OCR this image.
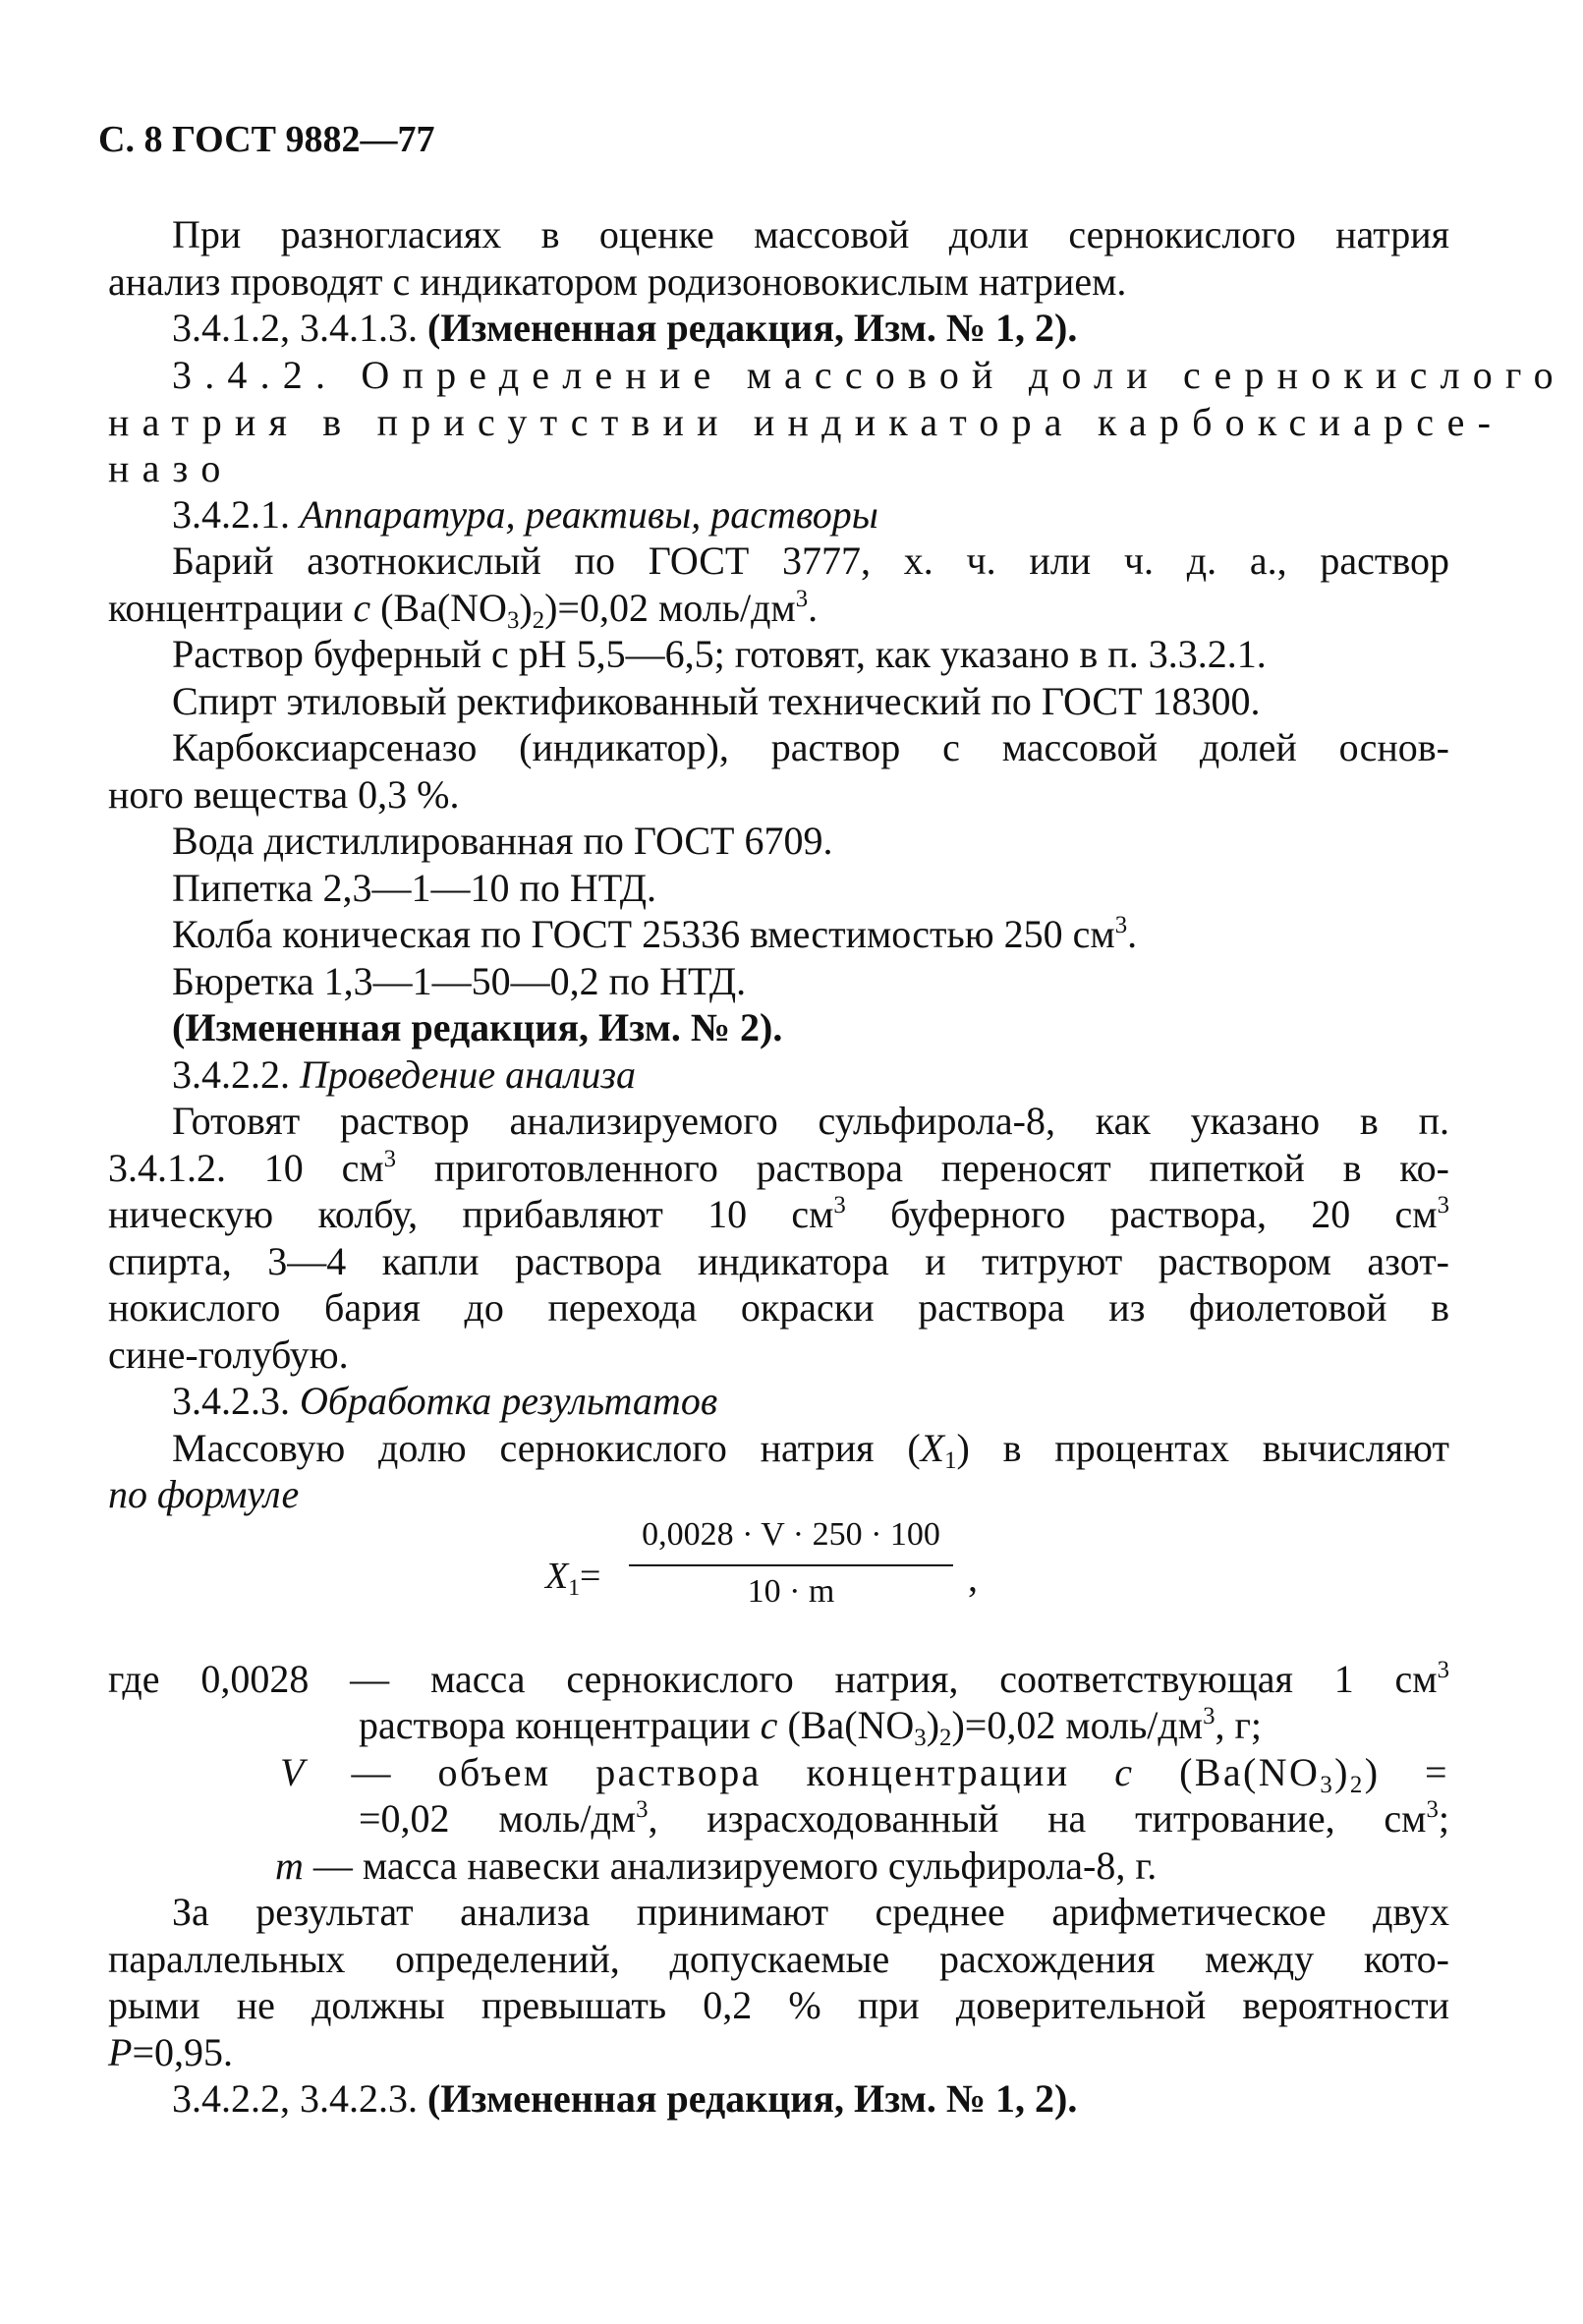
С. 8 ГОСТ 9882—77
При разногласиях в оценке массовой доли сернокислого натрия
анализ проводят с индикатором родизоновокислым натрием.
3.4.1.2, 3.4.1.3. (Измененная редакция, Изм. № 1, 2).
3.4.2. Определение массовой доли сернокислого
натрия в присутствии индикатора карбоксиарсе-
назо
3.4.2.1. Аппаратура, реактивы, растворы
Барий азотнокислый по ГОСТ 3777, х. ч. или ч. д. а., раствор
концентрации c $(Ba(NO_3)_2)=0,02$ моль/$дм^3$.
Раствор буферный с рН 5,5—6,5; готовят, как указано в п. 3.3.2.1.
Спирт этиловый ректификованный технический по ГОСТ 18300.
Карбоксиарсеназо (индикатор), раствор с массовой долей основ-
ного вещества 0,3 %.
Вода дистиллированная по ГОСТ 6709.
Пипетка 2,3—1—10 по НТД.
Колба коническая по ГОСТ 25336 вместимостью 250 $см^3$.
Бюретка 1,3—1—50—0,2 по НТД.
(Измененная редакция, Изм. № 2).
3.4.2.2. Проведение анализа
Готовят раствор анализируемого сульфирола-8, как указано в п.
3.4.1.2. 10 $см^3$ приготовленного раствора переносят пипеткой в ко-
ническую колбу, прибавляют 10 $см^3$ буферного раствора, 20 $см^3$
спирта, 3—4 капли раствора индикатора и титруют раствором азот-
нокислого бария до перехода окраски раствора из фиолетовой в
сине-голубую.
3.4.2.3. Обработка результатов
Массовую долю сернокислого натрия $(X_1)$ в процентах вычисляют
по формуле
$X_1=$
0,0028 · V · 250 · 100
10 · m	,
где 0,0028 — масса сернокислого натрия, соответствующая 1 $см^3$
раствора концентрации c $(Ba(NO_3)_2)=0,02$ моль/$дм^3$, г;
V — объем раствора концентрации c $(Ba(NO_3)_2)$ =
=0,02 моль/$дм^3$, израсходованный на титрование, $см^3$;
m — масса навески анализируемого сульфирола-8, г.
За результат анализа принимают среднее арифметическое двух
параллельных определений, допускаемые расхождения между кото-
рыми не должны превышать 0,2 % при доверительной вероятности
P=0,95.
3.4.2.2, 3.4.2.3. (Измененная редакция, Изм. № 1, 2).
